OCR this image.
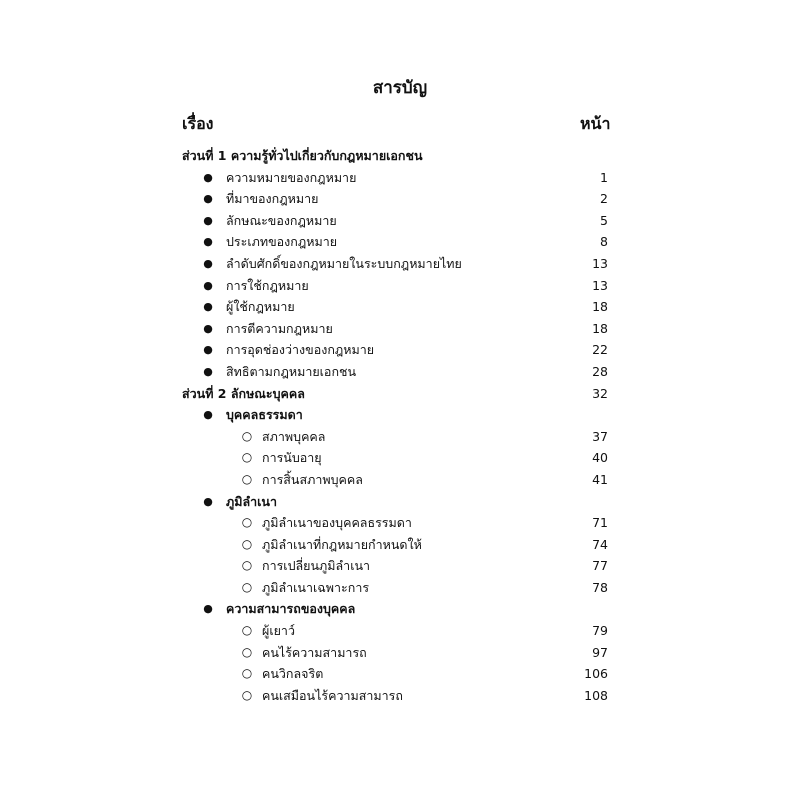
สารบัญ
เรื่อง	หน้า
ส่วนที่ 1 ความรู้ทั่วไปเกี่ยวกับกฎหมายเอกชน
● ความหมายของกฎหมาย	1
● ที่มาของกฎหมาย	2
● ลักษณะของกฎหมาย	5
● ประเภทของกฎหมาย	8
● ลำดับศักดิ์ของกฎหมายในระบบกฎหมายไทย	13
● การใช้กฎหมาย	13
● ผู้ใช้กฎหมาย	18
● การตีความกฎหมาย	18
● การอุดช่องว่างของกฎหมาย	22
● สิทธิตามกฎหมายเอกชน	28
ส่วนที่ 2 ลักษณะบุคคล	32
● บุคคลธรรมดา
○ สภาพบุคคล	37
○ การนับอายุ	40
○ การสิ้นสภาพบุคคล	41
● ภูมิลำเนา
○ ภูมิลำเนาของบุคคลธรรมดา	71
○ ภูมิลำเนาที่กฎหมายกำหนดให้	74
○ การเปลี่ยนภูมิลำเนา	77
○ ภูมิลำเนาเฉพาะการ	78
● ความสามารถของบุคคล
○ ผู้เยาว์	79
○ คนไร้ความสามารถ	97
○ คนวิกลจริต	106
○ คนเสมือนไร้ความสามารถ	108
